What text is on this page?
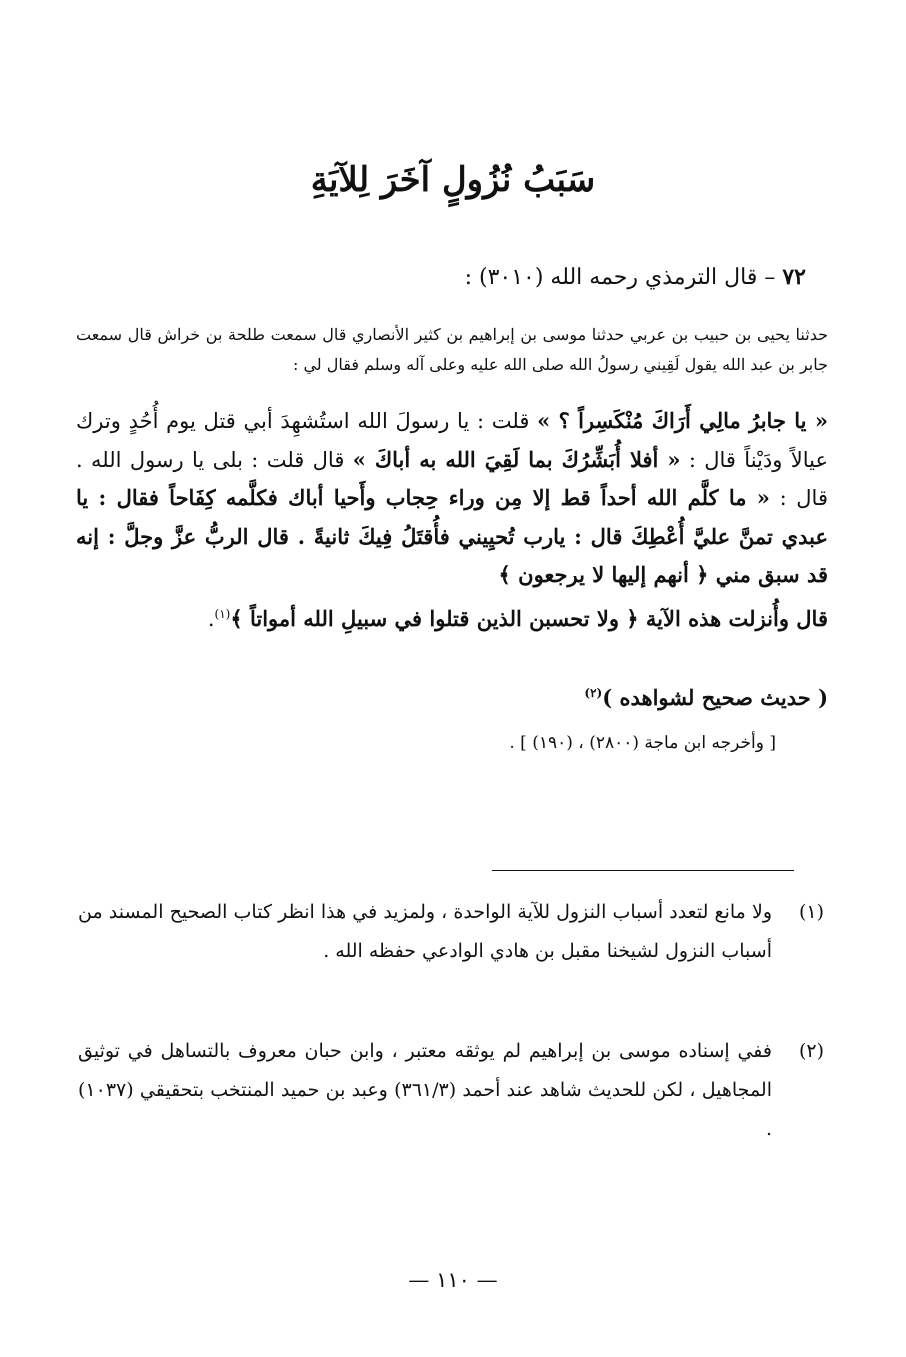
سَبَبُ نُزُولٍ آخَرَ لِلآيَةِ
٧٢ – قال الترمذي رحمه الله (٣٠١٠) :
حدثنا يحيى بن حبيب بن عربي حدثنا موسى بن إبراهيم بن كثير الأنصاري قال سمعت طلحة بن خراش قال سمعت جابر بن عبد الله يقول لَقِيني رسولُ الله صلى الله عليه وعلى آله وسلم فقال لي :

« يا جابرُ مالِي أَرَاكَ مُنْكَسِراً ؟ » قلت : يا رسولَ الله استُشهِدَ أبي قتل يوم أُحُدٍ وترك عيالاً ودَيْناً قال : « أفلا أُبَشِّرُكَ بما لَقِيَ الله به أباكَ » قال قلت : بلى يا رسول الله . قال : « ما كلَّم الله أحداً قط إلا مِن وراء حِجاب وأَحيا أباك فكلَّمه كِفَاحاً فقال : يا عبدي تمنَّ عليَّ أُعْطِكَ قال : يارب تُحيِيني فأُقتَلُ فِيكَ ثانيةً . قال الربُّ عزَّ وجلَّ : إنه قد سبق مني ﴿ أنهم إليها لا يرجعون ﴾

قال وأُنزلت هذه الآية ﴿ ولا تحسبن الذين قتلوا في سبيلِ الله أمواتاً ﴾$^{(١)}$.

( حديث صحيح لشواهده )$^{(٢)}$
[ وأخرجه ابن ماجة (٢٨٠٠) ، (١٩٠) ] .
(١)
ولا مانع لتعدد أسباب النزول للآية الواحدة ، ولمزيد في هذا انظر كتاب الصحيح المسند من أسباب النزول لشيخنا مقبل بن هادي الوادعي حفظه الله .
(٢)
ففي إسناده موسى بن إبراهيم لم يوثقه معتبر ، وابن حبان معروف بالتساهل في توثيق المجاهيل ، لكن للحديث شاهد عند أحمد (٣٦١/٣) وعبد بن حميد المنتخب بتحقيقي (١٠٣٧) .
— ١١٠ —
